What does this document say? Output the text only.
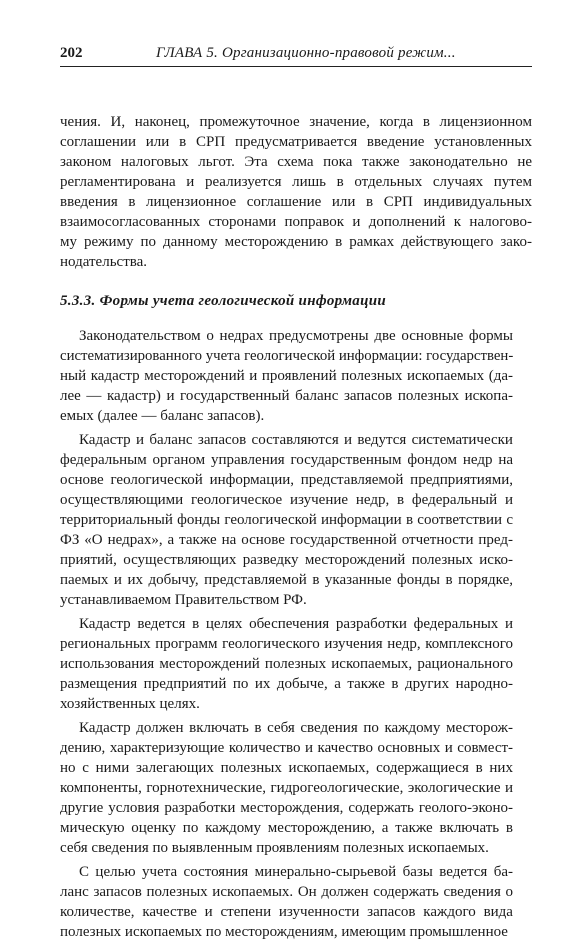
202	ГЛАВА 5. Организационно-правовой режим...

чения. И, наконец, промежуточное значение, когда в лицензионном
соглашении или в СРП предусматривается введение установленных
законом налоговых льгот. Эта схема пока также законодательно не
регламентирована и реализуется лишь в отдельных случаях путем
введения в лицензионное соглашение или в СРП индивидуальных
взаимосогласованных сторонами поправок и дополнений к налогово-
му режиму по данному месторождению в рамках действующего зако-
нодательства.

5.3.3. Формы учета геологической информации

Законодательством о недрах предусмотрены две основные формы
систематизированного учета геологической информации: государствен-
ный кадастр месторождений и проявлений полезных ископаемых (да-
лее — кадастр) и государственный баланс запасов полезных ископа-
емых (далее — баланс запасов).

Кадастр и баланс запасов составляются и ведутся систематически
федеральным органом управления государственным фондом недр на
основе геологической информации, представляемой предприятиями,
осуществляющими геологическое изучение недр, в федеральный и
территориальный фонды геологической информации в соответствии с
ФЗ «О недрах», а также на основе государственной отчетности пред-
приятий, осуществляющих разведку месторождений полезных иско-
паемых и их добычу, представляемой в указанные фонды в порядке,
устанавливаемом Правительством РФ.

Кадастр ведется в целях обеспечения разработки федеральных и
региональных программ геологического изучения недр, комплексного
использования месторождений полезных ископаемых, рационального
размещения предприятий по их добыче, а также в других народно-
хозяйственных целях.

Кадастр должен включать в себя сведения по каждому месторож-
дению, характеризующие количество и качество основных и совмест-
но с ними залегающих полезных ископаемых, содержащиеся в них
компоненты, горнотехнические, гидрогеологические, экологические и
другие условия разработки месторождения, содержать геолого-эконо-
мическую оценку по каждому месторождению, а также включать в
себя сведения по выявленным проявлениям полезных ископаемых.

С целью учета состояния минерально-сырьевой базы ведется ба-
ланс запасов полезных ископаемых. Он должен содержать сведения о
количестве, качестве и степени изученности запасов каждого вида
полезных ископаемых по месторождениям, имеющим промышленное
